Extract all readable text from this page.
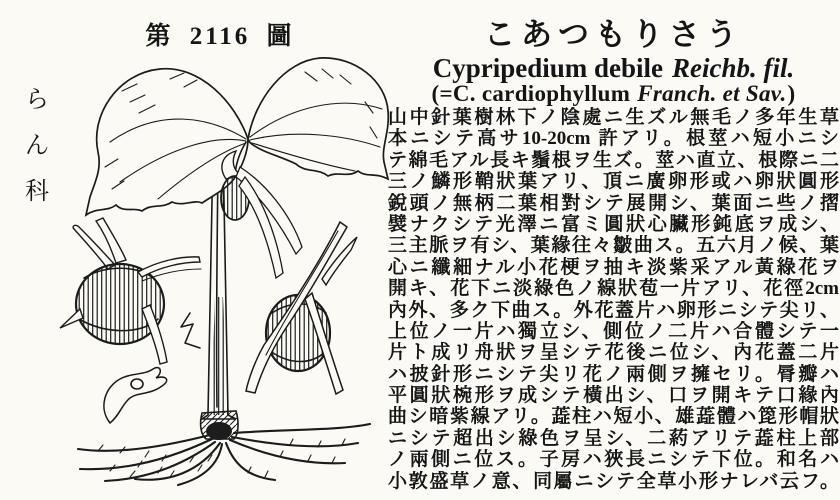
第 2116 圖
ら
ん
科
こあつもりさう
Cypripedium debile Reichb. fil.
(=C. cardiophyllum Franch. et Sav.)
山中針葉樹林下ノ陰處ニ生ズル無毛ノ多年生草
本ニシテ高サ10-20cm 許アリ。根莖ハ短小ニシ
テ綿毛アル長キ鬚根ヲ生ズ。莖ハ直立、根際ニ二
三ノ鱗形鞘狀葉アリ、頂ニ廣卵形或ハ卵狀圓形
銳頭ノ無柄二葉相對シテ展開シ、葉面ニ些ノ摺
襞ナクシテ光澤ニ富ミ圓狀心臟形鈍底ヲ成シ、
三主脈ヲ有シ、葉緣往々皺曲ス。五六月ノ候、葉
心ニ纖細ナル小花梗ヲ抽キ淡紫采アル黃綠花ヲ
開キ、花下ニ淡綠色ノ線狀苞一片アリ、花徑2cm
內外、多ク下曲ス。外花蓋片ハ卵形ニシテ尖リ、
上位ノ一片ハ獨立シ、側位ノ二片ハ合體シテ一
片ト成リ舟狀ヲ呈シテ花後ニ位シ、內花蓋二片
ハ披針形ニシテ尖リ花ノ兩側ヲ擁セリ。脣瓣ハ
平圓狀椀形ヲ成シテ橫出シ、口ヲ開キテ口緣內
曲シ暗紫線アリ。蕋柱ハ短小、雄蕋體ハ箆形帽狀
ニシテ超出シ綠色ヲ呈シ、二葯アリテ蕋柱上部
ノ兩側ニ位ス。子房ハ狹長ニシテ下位。和名ハ
小敦盛草ノ意、同屬ニシテ全草小形ナレバ云フ。
